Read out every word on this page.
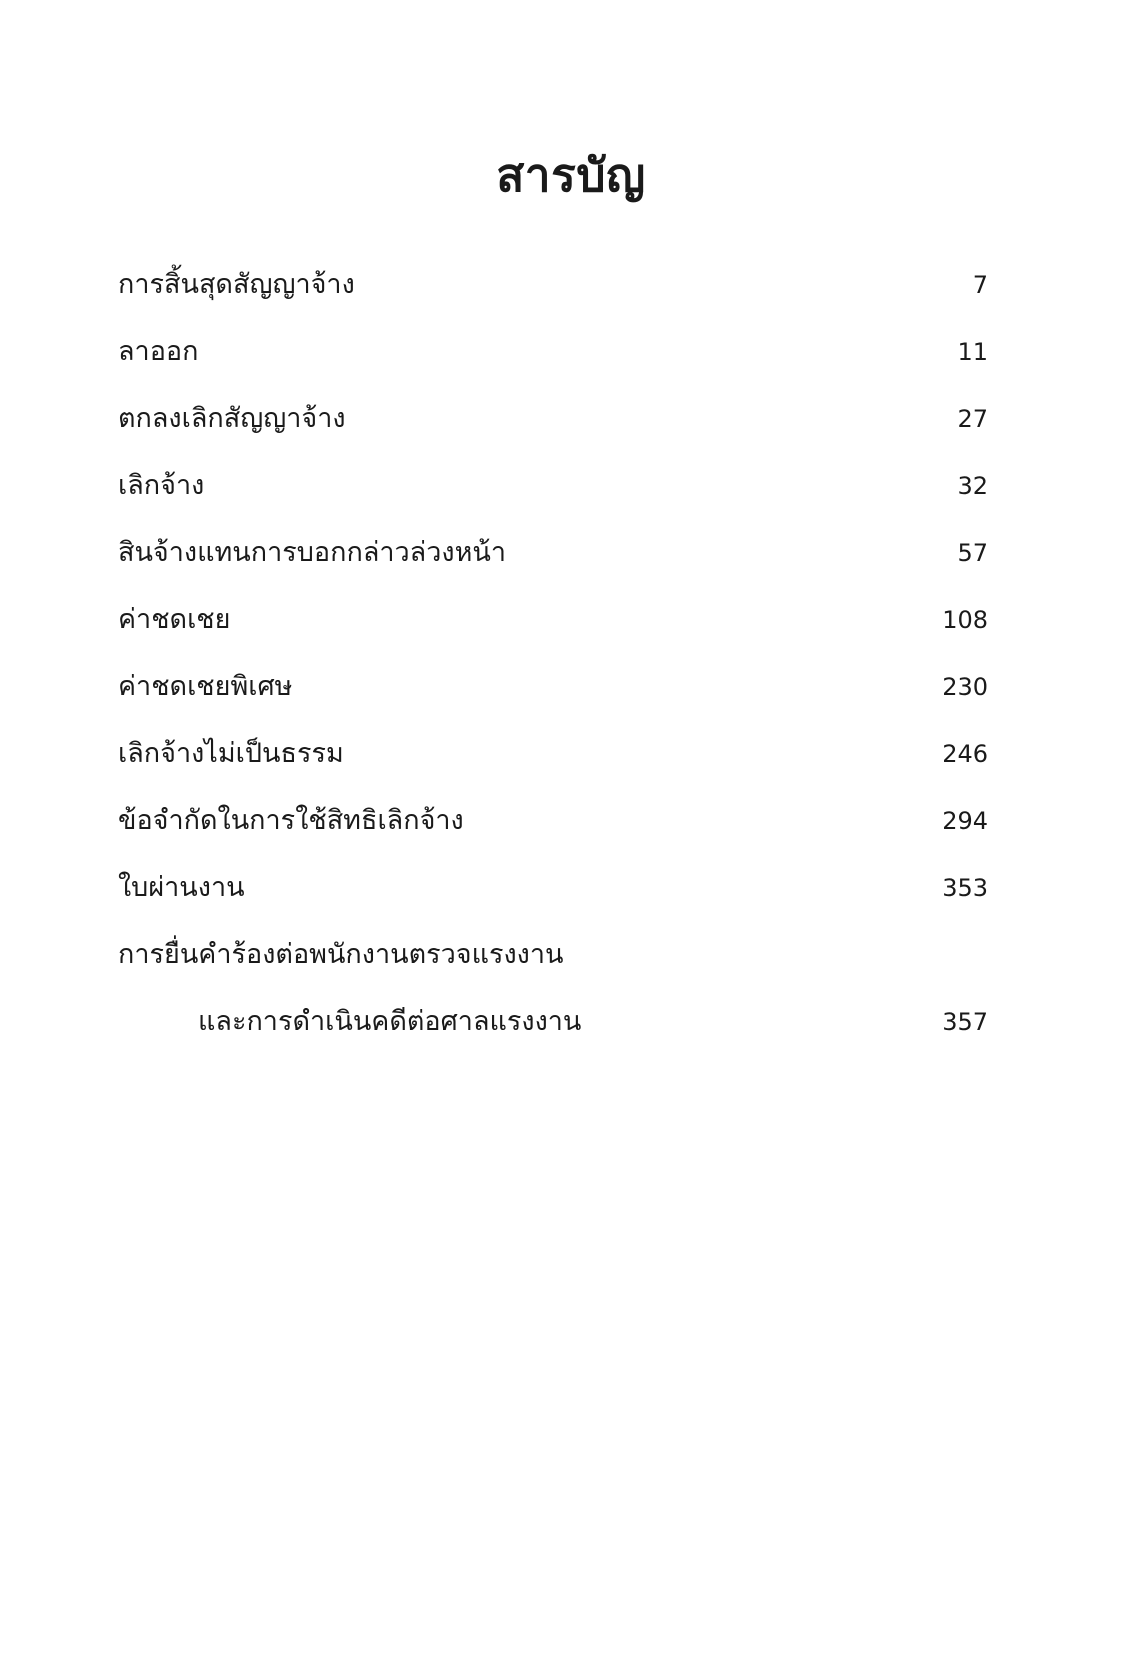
สารบัญ
การสิ้นสุดสัญญาจ้าง	7
ลาออก	11
ตกลงเลิกสัญญาจ้าง	27
เลิกจ้าง	32
สินจ้างแทนการบอกกล่าวล่วงหน้า	57
ค่าชดเชย	108
ค่าชดเชยพิเศษ	230
เลิกจ้างไม่เป็นธรรม	246
ข้อจำกัดในการใช้สิทธิเลิกจ้าง	294
ใบผ่านงาน	353
การยื่นคำร้องต่อพนักงานตรวจแรงงาน
และการดำเนินคดีต่อศาลแรงงาน	357
